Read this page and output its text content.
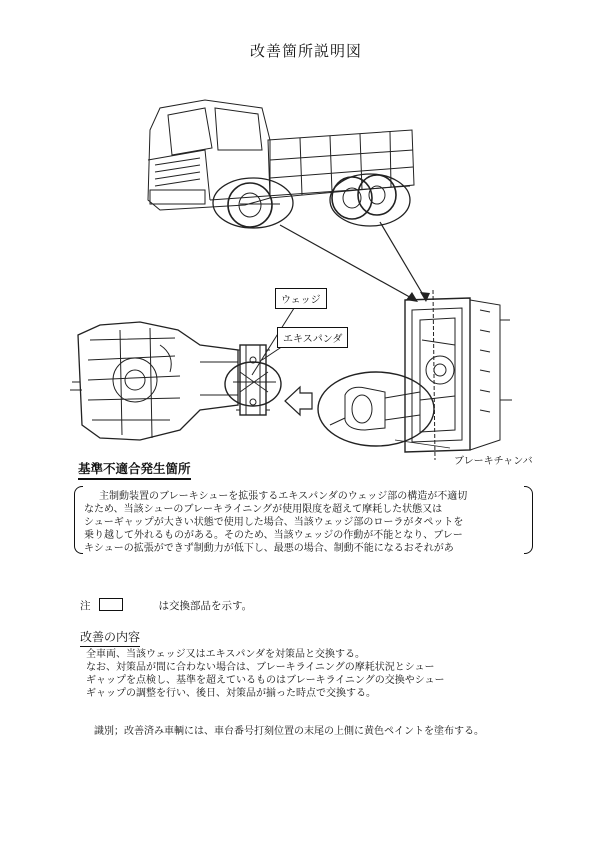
改善箇所説明図
ウェッジ
エキスパンダ
ブレーキチャンバ
基準不適合発生箇所
主制動装置のブレーキシューを拡張するエキスパンダのウェッジ部の構造が不適切
なため、当該シューのブレーキライニングが使用限度を超えて摩耗した状態又は
シューギャップが大きい状態で使用した場合、当該ウェッジ部のローラがタペットを
乗り越して外れるものがある。そのため、当該ウェッジの作動が不能となり、ブレー
キシューの拡張ができず制動力が低下し、最悪の場合、制動不能になるおそれがあ
注	は交換部品を示す。
改善の内容
全車両、当該ウェッジ又はエキスパンダを対策品と交換する。
なお、対策品が間に合わない場合は、ブレーキライニングの摩耗状況とシュー
ギャップを点検し、基準を超えているものはブレーキライニングの交換やシュー
ギャップの調整を行い、後日、対策品が揃った時点で交換する。
識別；改善済み車輌には、車台番号打刻位置の末尾の上側に黄色ペイントを塗布する。
